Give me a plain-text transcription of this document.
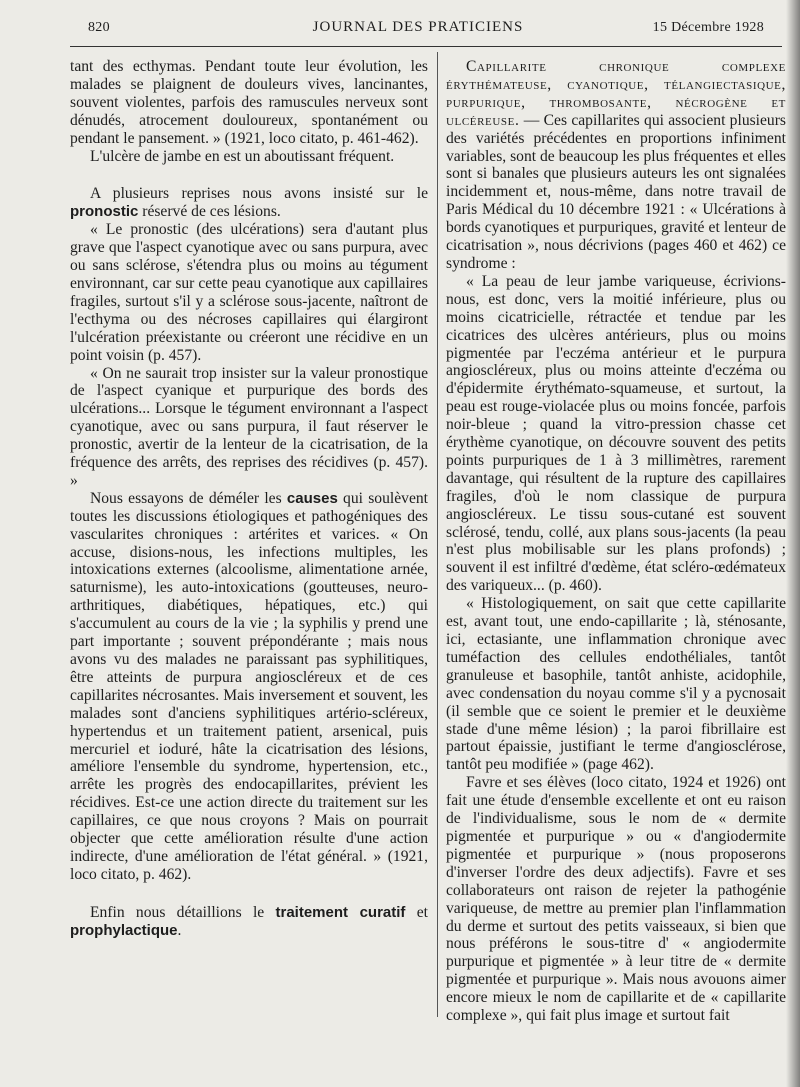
820	JOURNAL DES PRATICIENS	15 Décembre 1928

tant des ecthymas. Pendant toute leur évolution, les malades se plaignent de douleurs vives, lancinantes, souvent violentes, parfois des ramuscules nerveux sont dénudés, atrocement douloureux, spontanément ou pendant le pansement. » (1921, loco citato, p. 461-462).

L'ulcère de jambe en est un aboutissant fréquent.

A plusieurs reprises nous avons insisté sur le pronostic réservé de ces lésions.

« Le pronostic (des ulcérations) sera d'autant plus grave que l'aspect cyanotique avec ou sans purpura, avec ou sans sclérose, s'étendra plus ou moins au tégument environnant, car sur cette peau cyanotique aux capillaires fragiles, surtout s'il y a sclérose sous-jacente, naîtront de l'ecthyma ou des nécroses capillaires qui élargiront l'ulcération préexistante ou créeront une récidive en un point voisin (p. 457).

« On ne saurait trop insister sur la valeur pronostique de l'aspect cyanique et purpurique des bords des ulcérations... Lorsque le tégument environnant a l'aspect cyanotique, avec ou sans purpura, il faut réserver le pronostic, avertir de la lenteur de la cicatrisation, de la fréquence des arrêts, des reprises des récidives (p. 457). »

Nous essayons de déméler les causes qui soulèvent toutes les discussions étiologiques et pathogéniques des vascularites chroniques : artérites et varices. « On accuse, disions-nous, les infections multiples, les intoxications externes (alcoolisme, alimentatione arnée, saturnisme), les auto-intoxications (goutteuses, neuro-arthritiques, diabétiques, hépatiques, etc.) qui s'accumulent au cours de la vie ; la syphilis y prend une part importante ; souvent prépondérante ; mais nous avons vu des malades ne paraissant pas syphilitiques, être atteints de purpura angioscléreux et de ces capillarites nécrosantes. Mais inversement et souvent, les malades sont d'anciens syphilitiques artério-scléreux, hypertendus et un traitement patient, arsenical, puis mercuriel et ioduré, hâte la cicatrisation des lésions, améliore l'ensemble du syndrome, hypertension, etc., arrête les progrès des endocapillarites, prévient les récidives. Est-ce une action directe du traitement sur les capillaires, ce que nous croyons ? Mais on pourrait objecter que cette amélioration résulte d'une action indirecte, d'une amélioration de l'état général. » (1921, loco citato, p. 462).

Enfin nous détaillions le traitement curatif et prophylactique.

Capillarite chronique complexe érythémateuse, cyanotique, télangiectasique, purpurique, thrombosante, nécrogène et ulcéreuse. — Ces capillarites qui associent plusieurs des variétés précédentes en proportions infiniment variables, sont de beaucoup les plus fréquentes et elles sont si banales que plusieurs auteurs les ont signalées incidemment et, nous-même, dans notre travail de Paris Médical du 10 décembre 1921 : « Ulcérations à bords cyanotiques et purpuriques, gravité et lenteur de cicatrisation », nous décrivions (pages 460 et 462) ce syndrome :

« La peau de leur jambe variqueuse, écrivions-nous, est donc, vers la moitié inférieure, plus ou moins cicatricielle, rétractée et tendue par les cicatrices des ulcères antérieurs, plus ou moins pigmentée par l'eczéma antérieur et le purpura angioscléreux, plus ou moins atteinte d'eczéma ou d'épidermite érythémato-squameuse, et surtout, la peau est rouge-violacée plus ou moins foncée, parfois noir-bleue ; quand la vitro-pression chasse cet érythème cyanotique, on découvre souvent des petits points purpuriques de 1 à 3 millimètres, rarement davantage, qui résultent de la rupture des capillaires fragiles, d'où le nom classique de purpura angioscléreux. Le tissu sous-cutané est souvent sclérosé, tendu, collé, aux plans sous-jacents (la peau n'est plus mobilisable sur les plans profonds) ; souvent il est infiltré d'œdème, état scléro-œdémateux des variqueux... (p. 460).

« Histologiquement, on sait que cette capillarite est, avant tout, une endo-capillarite ; là, sténosante, ici, ectasiante, une inflammation chronique avec tuméfaction des cellules endothéliales, tantôt granuleuse et basophile, tantôt anhiste, acidophile, avec condensation du noyau comme s'il y a pycnosait (il semble que ce soient le premier et le deuxième stade d'une même lésion) ; la paroi fibrillaire est partout épaissie, justifiant le terme d'angiosclérose, tantôt peu modifiée » (page 462).

Favre et ses élèves (loco citato, 1924 et 1926) ont fait une étude d'ensemble excellente et ont eu raison de l'individualisme, sous le nom de « dermite pigmentée et purpurique » ou « d'angiodermite pigmentée et purpurique » (nous proposerons d'inverser l'ordre des deux adjectifs). Favre et ses collaborateurs ont raison de rejeter la pathogénie variqueuse, de mettre au premier plan l'inflammation du derme et surtout des petits vaisseaux, si bien que nous préférons le sous-titre d' « angiodermite purpurique et pigmentée » à leur titre de « dermite pigmentée et purpurique ». Mais nous avouons aimer encore mieux le nom de capillarite et de « capillarite complexe », qui fait plus image et surtout fait
